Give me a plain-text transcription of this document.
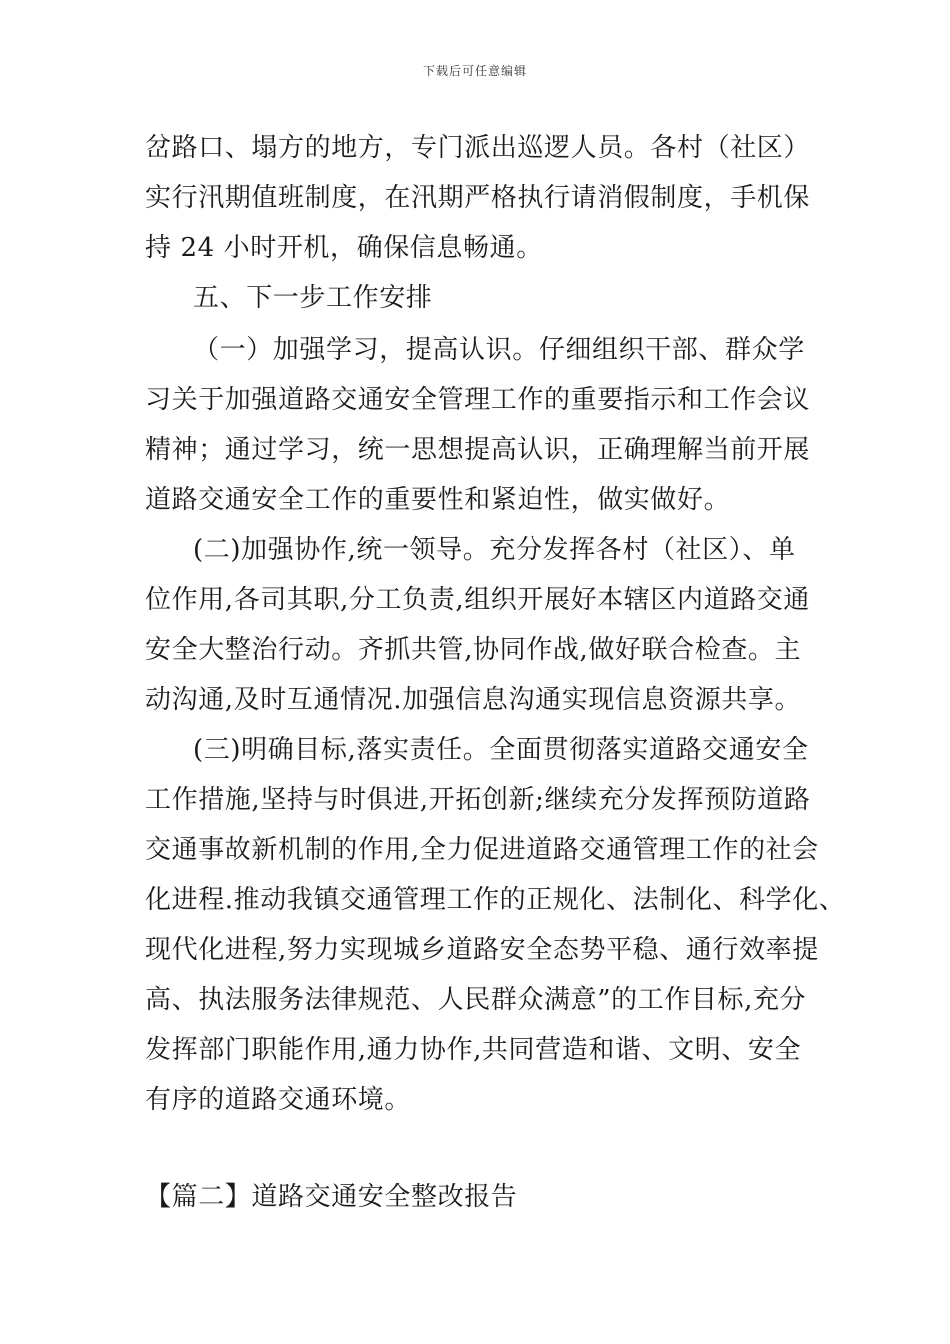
下载后可任意编辑
岔路口、塌方的地方，专门派出巡逻人员。各村（社区）
实行汛期值班制度，在汛期严格执行请消假制度，手机保
持 24 小时开机，确保信息畅通。
五、下一步工作安排
（一）加强学习，提高认识。仔细组织干部、群众学
习关于加强道路交通安全管理工作的重要指示和工作会议
精神；通过学习，统一思想提高认识，正确理解当前开展
道路交通安全工作的重要性和紧迫性，做实做好。
(二)加强协作,统一领导。充分发挥各村（社区）、单
位作用,各司其职,分工负责,组织开展好本辖区内道路交通
安全大整治行动。齐抓共管,协同作战,做好联合检查。主
动沟通,及时互通情况.加强信息沟通实现信息资源共享。
(三)明确目标,落实责任。全面贯彻落实道路交通安全
工作措施,坚持与时俱进,开拓创新;继续充分发挥预防道路
交通事故新机制的作用,全力促进道路交通管理工作的社会
化进程.推动我镇交通管理工作的正规化、法制化、科学化、
现代化进程,努力实现城乡道路安全态势平稳、通行效率提
高、执法服务法律规范、人民群众满意”的工作目标,充分
发挥部门职能作用,通力协作,共同营造和谐、文明、安全
有序的道路交通环境。
【篇二】道路交通安全整改报告
